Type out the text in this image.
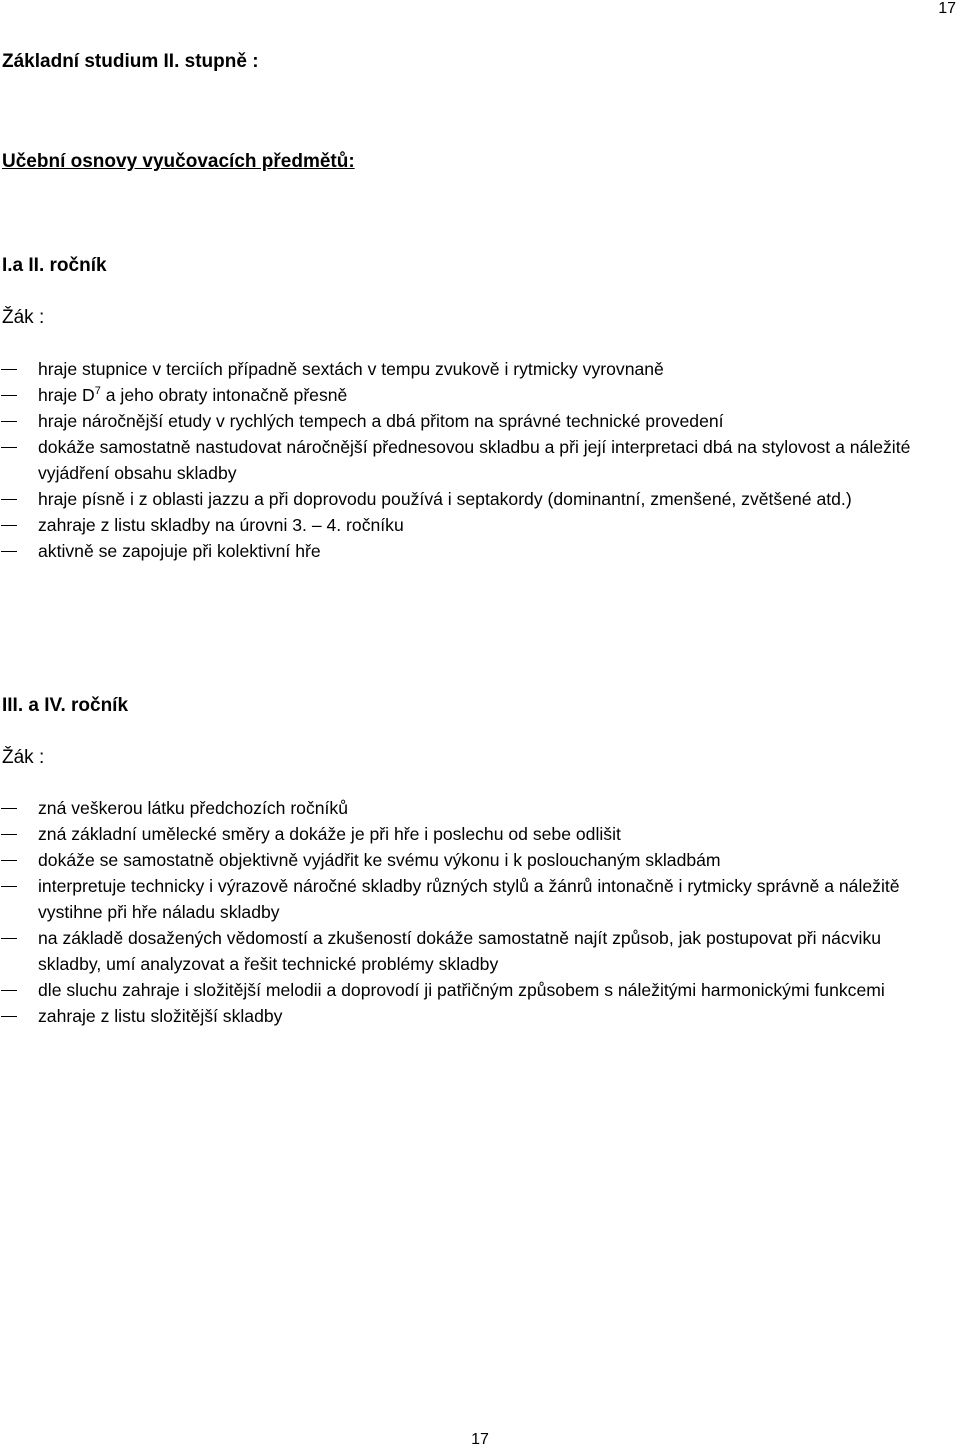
17
Základní studium II. stupně :
Učební osnovy vyučovacích předmětů:
I.a II. ročník
Žák :
hraje stupnice v terciích případně sextách v tempu zvukově i rytmicky vyrovnaně
hraje $D^7$ a jeho obraty intonačně přesně
hraje náročnější etudy v rychlých tempech a dbá přitom na správné technické provedení
dokáže samostatně nastudovat náročnější přednesovou skladbu a při její interpretaci dbá na stylovost a náležité vyjádření obsahu skladby
hraje písně i z oblasti jazzu a při doprovodu používá i septakordy (dominantní, zmenšené, zvětšené atd.)
zahraje z listu skladby na úrovni 3. – 4. ročníku
aktivně se zapojuje při kolektivní hře
III. a IV. ročník
Žák :
zná veškerou látku předchozích ročníků
zná základní umělecké směry a dokáže je při hře i poslechu od sebe odlišit
dokáže se samostatně objektivně vyjádřit ke svému výkonu i k poslouchaným skladbám
interpretuje technicky i výrazově náročné skladby různých stylů a žánrů intonačně i rytmicky správně a náležitě vystihne při hře náladu skladby
na základě dosažených vědomostí a zkušeností dokáže samostatně najít způsob, jak postupovat při nácviku skladby, umí analyzovat a řešit technické problémy skladby
dle sluchu zahraje i složitější melodii a doprovodí ji patřičným způsobem s náležitými harmonickými funkcemi
zahraje z listu složitější skladby
17
